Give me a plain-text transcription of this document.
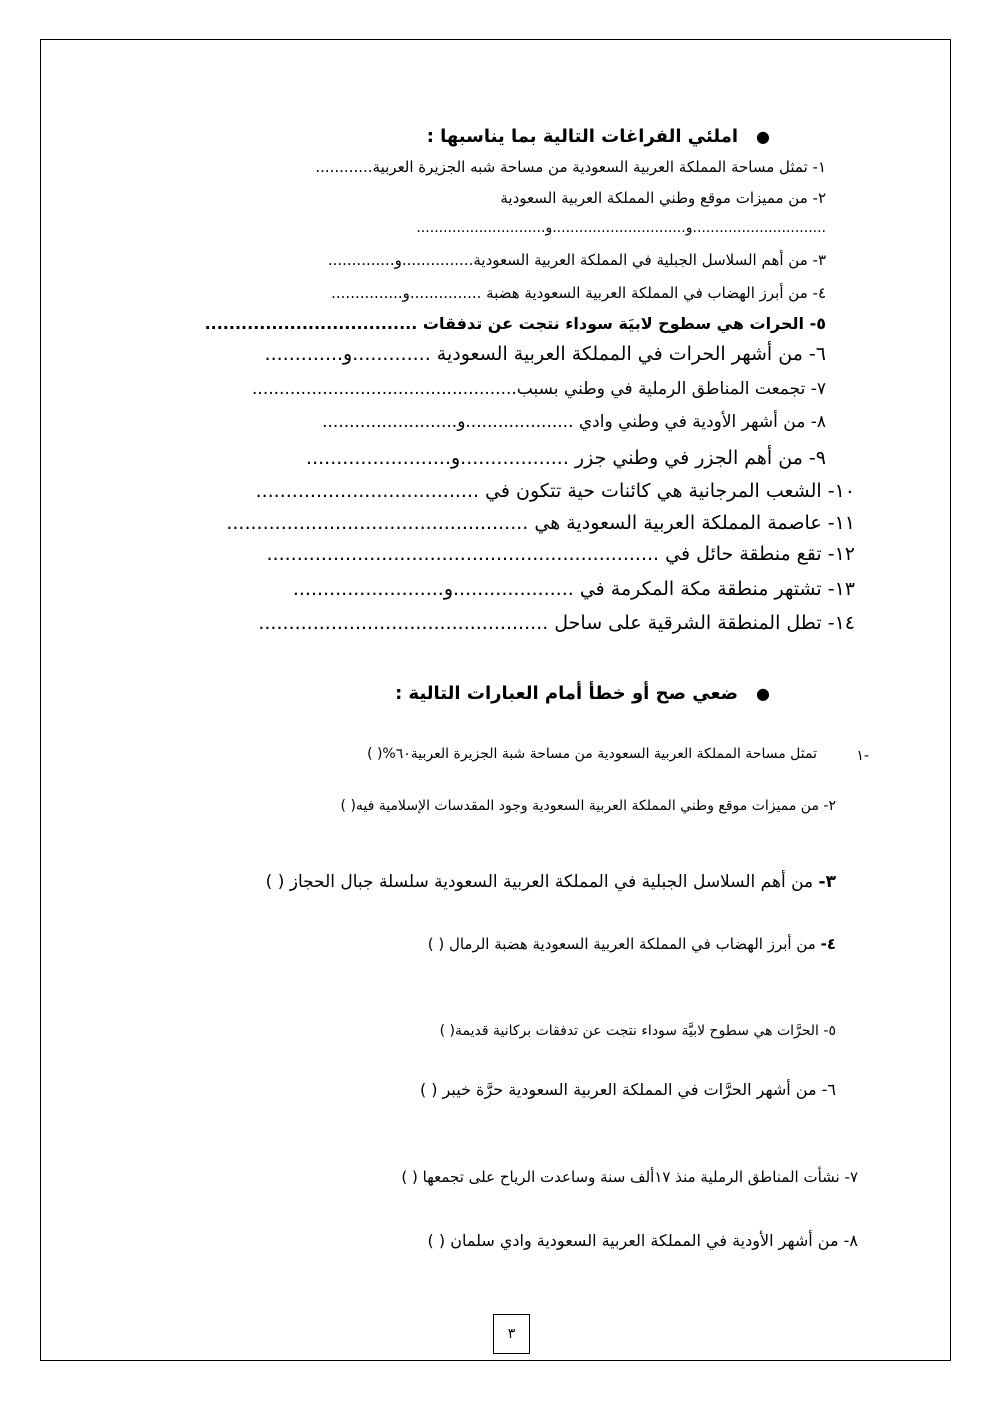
●املئي الفراغات التالية بما يناسبها :
١- تمثل مساحة المملكة العربية السعودية من مساحة شبه الجزيرة العربية............
٢- من مميزات موقع وطني المملكة العربية السعودية
..............................و..............................و.............................
٣- من أهم السلاسل الجبلية في المملكة العربية السعودية...............و..............
٤- من أبرز الهضاب في المملكة العربية السعودية هضبة ...............و...............
٥- الحرات هي سطوح لابيَة سوداء نتجت عن تدفقات ...................................
٦- من أشهر الحرات في المملكة العربية السعودية .............و.............
٧- تجمعت المناطق الرملية في وطني بسبب.................................................
٨- من أشهر الأودية في وطني وادي ....................و.........................
٩- من أهم الجزر في وطني جزر ..................و........................
١٠- الشعب المرجانية هي كائنات حية تتكون في .....................................
١١- عاصمة المملكة العربية السعودية هي ..................................................
١٢- تقع منطقة حائل في .................................................................
١٣- تشتهر منطقة مكة المكرمة في ....................و.........................
١٤- تطل المنطقة الشرقية على ساحل ................................................
●ضعي صح أو خطأ أمام العبارات التالية :
١-
تمثل مساحة المملكة العربية السعودية من مساحة شبة الجزيرة العربية٦٠%( )
٢- من مميزات موقع وطني المملكة العربية السعودية وجود المقدسات الإسلامية فيه( )
٣- من أهم السلاسل الجبلية في المملكة العربية السعودية سلسلة جبال الحجاز ( )
٤- من أبرز الهضاب في المملكة العربية السعودية هضبة الرمال ( )
٥- الحرَّات هي سطوح لابيَّة سوداء نتجت عن تدفقات بركانية قديمة( )
٦- من أشهر الحرَّات في المملكة العربية السعودية حرَّة خيبر ( )
٧- نشأت المناطق الرملية منذ ١٧ألف سنة وساعدت الرياح على تجمعها ( )
٨- من أشهر الأودية في المملكة العربية السعودية وادي سلمان ( )
٣
